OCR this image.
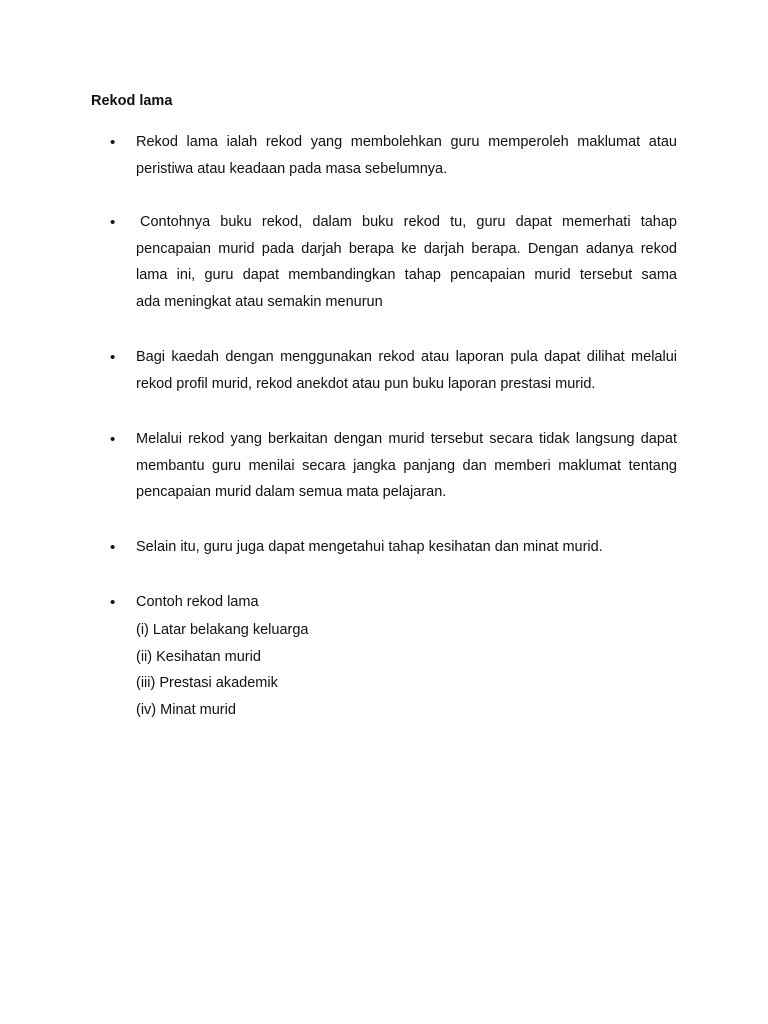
Rekod lama
•	Rekod lama ialah rekod yang membolehkan guru memperoleh maklumat atau
peristiwa atau keadaan pada masa sebelumnya.

•	Contohnya buku rekod, dalam buku rekod tu, guru dapat memerhati tahap
pencapaian murid pada darjah berapa ke darjah berapa. Dengan adanya rekod
lama ini, guru dapat membandingkan tahap pencapaian murid tersebut sama
ada meningkat atau semakin menurun

•	Bagi kaedah dengan menggunakan rekod atau laporan pula dapat dilihat melalui
rekod profil murid, rekod anekdot atau pun buku laporan prestasi murid.

•	Melalui rekod yang berkaitan dengan murid tersebut secara tidak langsung dapat
membantu guru menilai secara jangka panjang dan memberi maklumat tentang
pencapaian murid dalam semua mata pelajaran.

•	Selain itu, guru juga dapat mengetahui tahap kesihatan dan minat murid.

•	Contoh rekod lama

(i) Latar belakang keluarga
(ii) Kesihatan murid
(iii) Prestasi akademik
(iv) Minat murid
